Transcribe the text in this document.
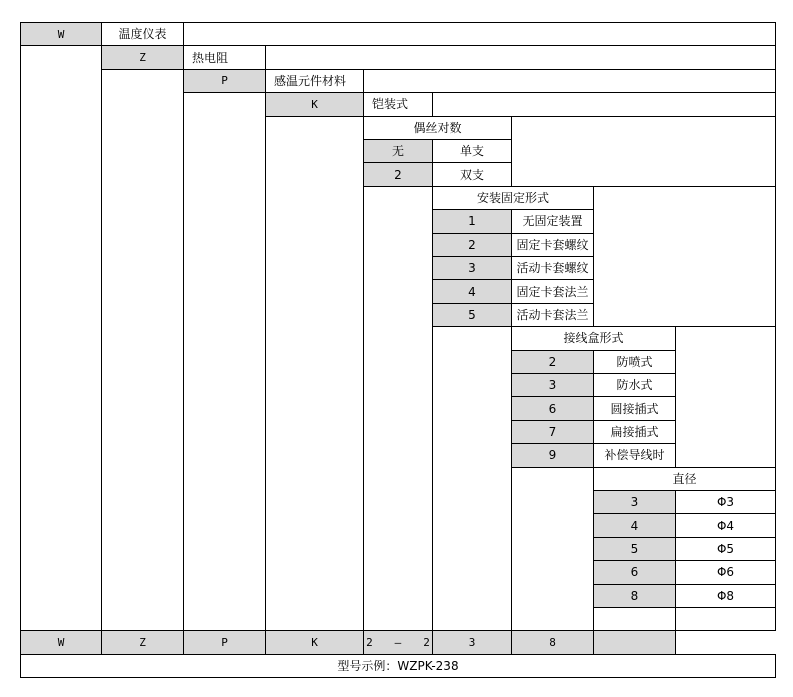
W	温度仪表
Z	热电阻
P	感温元件材料
K	铠装式
偶丝对数
无	单支
2	双支
安装固定形式
1	无固定装置
2	固定卡套螺纹
3	活动卡套螺纹
4	固定卡套法兰
5	活动卡套法兰
接线盒形式
2	防喷式
3	防水式
6	圆接插式
7	扁接插式
9	补偿导线时
直径
3	Φ3
4	Φ4
5	Φ5
6	Φ6
8	Φ8
W	Z	P	K	2　　–　　2	3	8
型号示例：WZPK-238
